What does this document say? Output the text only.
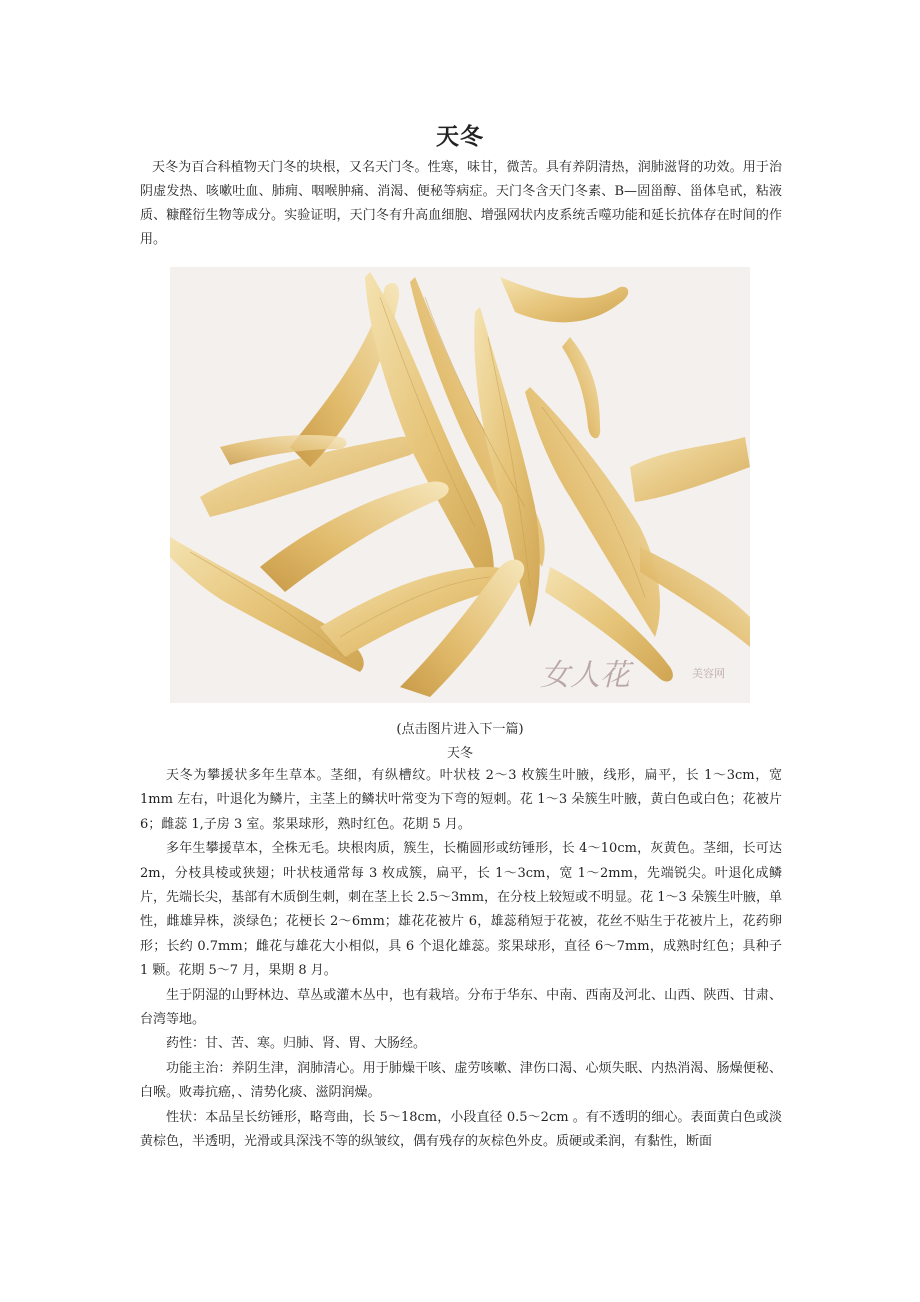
天冬

天冬为百合科植物天门冬的块根，又名天门冬。性寒，味甘，微苦。具有养阴清热，润肺滋肾的功效。用于治阴虚发热、咳嗽吐血、肺痈、咽喉肿痛、消渴、便秘等病症。天门冬含天门冬素、B—固甾醇、甾体皂甙，粘液质、糠醛衍生物等成分。实验证明，天门冬有升高血细胞、增强网状内皮系统舌噬功能和延长抗体存在时间的作用。

女人花	美容网

(点击图片进入下一篇)

天冬

天冬为攀援状多年生草本。茎细，有纵槽纹。叶状枝 2～3 枚簇生叶腋，线形，扁平，长 1～3cm，宽 1mm 左右，叶退化为鳞片，主茎上的鳞状叶常变为下弯的短刺。花 1～3 朵簇生叶腋，黄白色或白色；花被片 6；雌蕊 1,子房 3 室。浆果球形，熟时红色。花期 5 月。

多年生攀援草本，全株无毛。块根肉质，簇生，长椭圆形或纺锤形，长 4～10cm，灰黄色。茎细，长可达 2m，分枝具棱或狭翅；叶状枝通常每 3 枚成簇，扁平，长 1～3cm，宽 1～2mm，先端锐尖。叶退化成鳞片，先端长尖，基部有木质倒生刺，刺在茎上长 2.5～3mm，在分枝上较短或不明显。花 1～3 朵簇生叶腋，单性，雌雄异株，淡绿色；花梗长 2～6mm；雄花花被片 6，雄蕊稍短于花被，花丝不贴生于花被片上，花药卵形；长约 0.7mm；雌花与雄花大小相似，具 6 个退化雄蕊。浆果球形，直径 6～7mm，成熟时红色；具种子 1 颗。花期 5～7 月，果期 8 月。

生于阴湿的山野林边、草丛或灌木丛中，也有栽培。分布于华东、中南、西南及河北、山西、陕西、甘肃、台湾等地。

药性：甘、苦、寒。归肺、肾、胃、大肠经。

功能主治：养阴生津，润肺清心。用于肺燥干咳、虚劳咳嗽、津伤口渴、心烦失眠、内热消渴、肠燥便秘、白喉。败毒抗癌，、清势化痰、滋阴润燥。

性状：本品呈长纺锤形，略弯曲，长 5～18cm，小段直径 0.5～2cm 。有不透明的细心。表面黄白色或淡黄棕色，半透明，光滑或具深浅不等的纵皱纹，偶有残存的灰棕色外皮。质硬或柔润，有黏性，断面
